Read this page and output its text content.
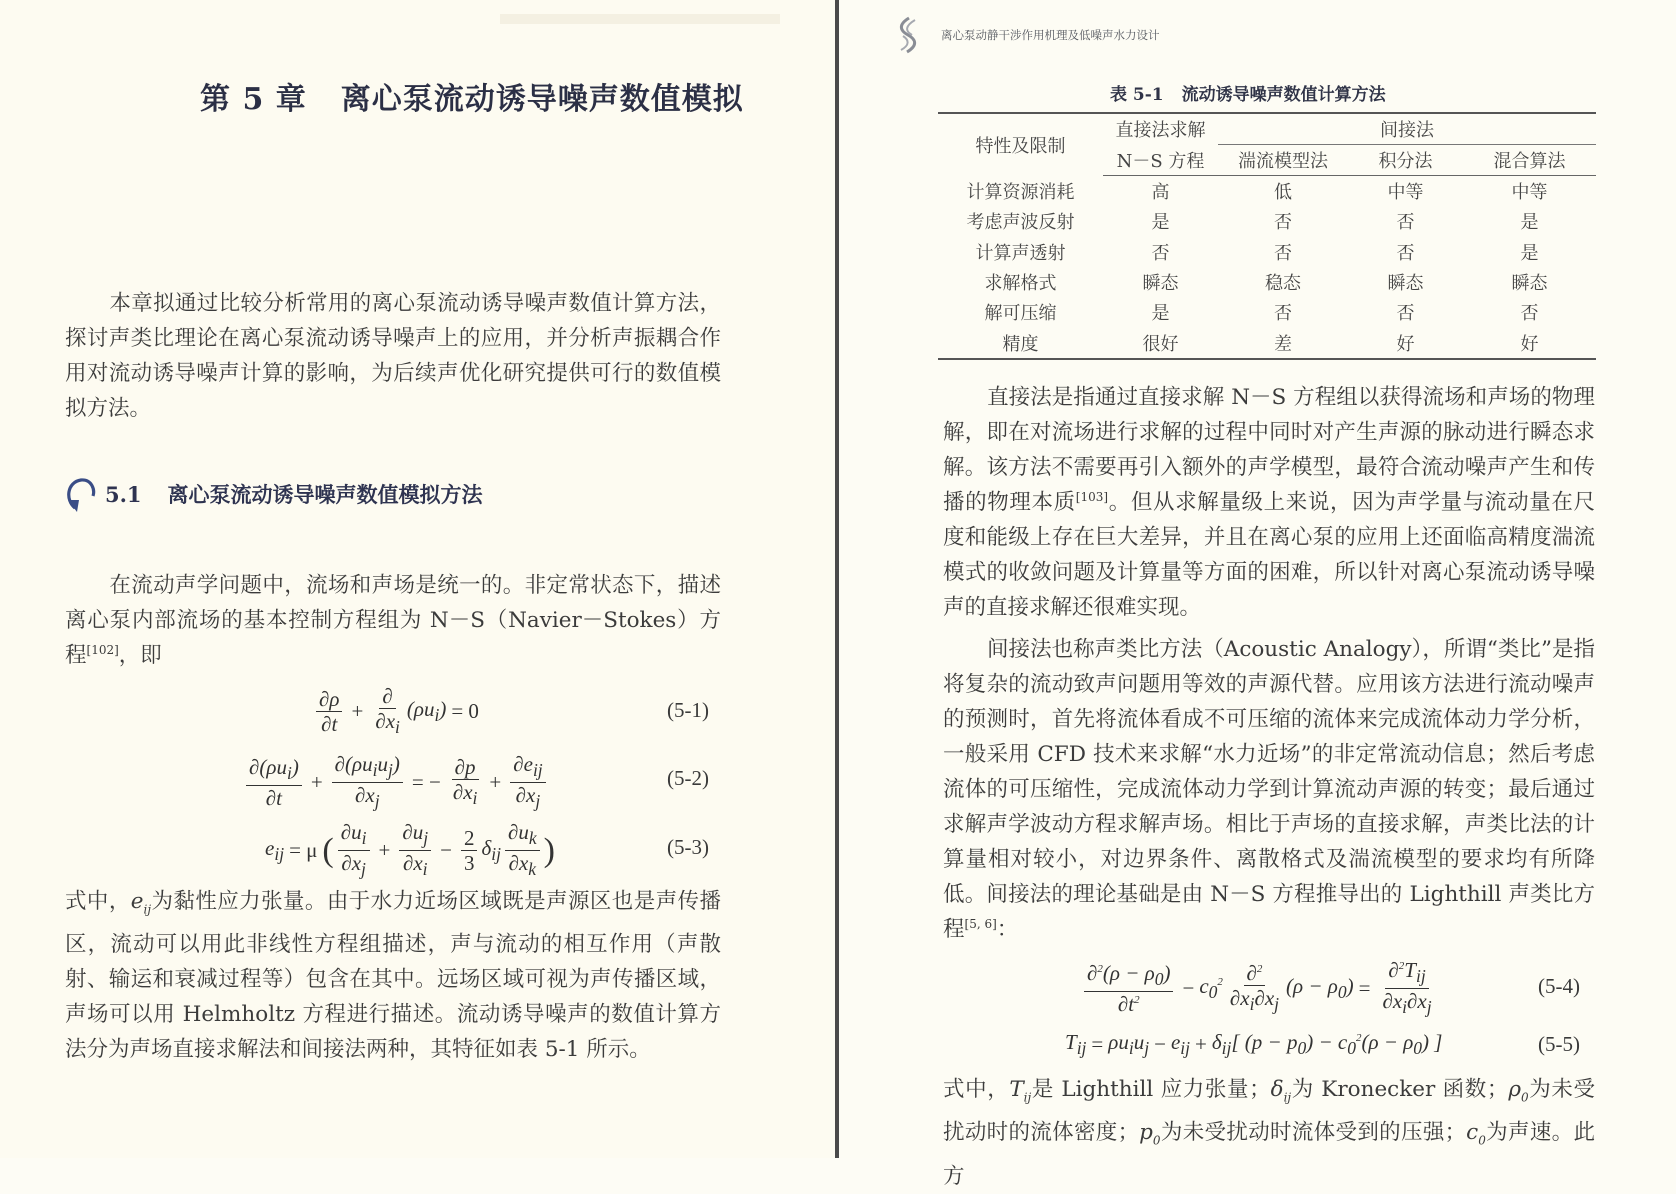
第 5 章 离心泵流动诱导噪声数值模拟
本章拟通过比较分析常用的离心泵流动诱导噪声数值计算方法，探讨声类比理论在离心泵流动诱导噪声上的应用，并分析声振耦合作用对流动诱导噪声计算的影响，为后续声优化研究提供可行的数值模拟方法。
5.1 离心泵流动诱导噪声数值模拟方法
在流动声学问题中，流场和声场是统一的。非定常状态下，描述离心泵内部流场的基本控制方程组为 N－S（Navier－Stokes）方程[102]，即
$\frac{\partial\rho}{\partial t} + \frac{\partial}{\partial x_i} (\rho u_i) = 0$	(5-1)
$\frac{\partial(\rho u_i)}{\partial t} + \frac{\partial(\rho u_iu_j)}{\partial x_j}$ = − $\frac{\partial p}{\partial x_i} + \frac{\partial e_{ij}}{\partial x_j}$	(5-2)
$e_{ij} = \mu$ ( $\frac{\partial u_i}{\partial x_j} + \frac{\partial u_j}{\partial x_i} - \frac{2}{3} \delta_{ij} \frac{\partial u_k}{\partial x_k}$ )	(5-3)
式中，$e_{ij}$为黏性应力张量。由于水力近场区域既是声源区也是声传播区，流动可以用此非线性方程组描述，声与流动的相互作用（声散射、输运和衰减过程等）包含在其中。远场区域可视为声传播区域，声场可以用 Helmholtz 方程进行描述。流动诱导噪声的数值计算方法分为声场直接求解法和间接法两种，其特征如表 5-1 所示。
离心泵动静干涉作用机理及低噪声水力设计
表 5-1 流动诱导噪声数值计算方法
特性及限制	直接法求解	间接法		
	N－S 方程	湍流模型法	积分法	混合算法
计算资源消耗	高	低	中等	中等
考虑声波反射	是	否	否	是
计算声透射	否	否	否	是
求解格式	瞬态	稳态	瞬态	瞬态
解可压缩	是	否	否	否
精度	很好	差	好	好
直接法是指通过直接求解 N－S 方程组以获得流场和声场的物理解，即在对流场进行求解的过程中同时对产生声源的脉动进行瞬态求解。该方法不需要再引入额外的声学模型，最符合流动噪声产生和传播的物理本质[103]。但从求解量级上来说，因为声学量与流动量在尺度和能级上存在巨大差异，并且在离心泵的应用上还面临高精度湍流模式的收敛问题及计算量等方面的困难，所以针对离心泵流动诱导噪声的直接求解还很难实现。
间接法也称声类比方法（Acoustic Analogy），所谓“类比”是指将复杂的流动致声问题用等效的声源代替。应用该方法进行流动噪声的预测时，首先将流体看成不可压缩的流体来完成流体动力学分析，一般采用 CFD 技术来求解“水力近场”的非定常流动信息；然后考虑流体的可压缩性，完成流体动力学到计算流动声源的转变；最后通过求解声学波动方程求解声场。相比于声场的直接求解，声类比法的计算量相对较小，对边界条件、离散格式及湍流模型的要求均有所降低。间接法的理论基础是由 N－S 方程推导出的 Lighthill 声类比方程[5, 6]：
$\frac{\partial^2(\rho - \rho_0)}{\partial t^2} - c_0^2 \frac{\partial^2}{\partial x_i\partial x_j} (\rho - \rho_0) = \frac{\partial^2T_{ij}}{\partial x_i\partial x_j}$	(5-4)
$T_{ij} = \rho u_iu_j - e_{ij} + \delta_{ij}$[ $(p - p_0) - c_0^2(\rho - \rho_0)$ ]	(5-5)
式中，$T_{ij}$是 Lighthill 应力张量；$\delta_{ij}$为 Kronecker 函数；$\rho_0$为未受扰动时的流体密度；$p_0$为未受扰动时流体受到的压强；$c_0$为声速。此方
